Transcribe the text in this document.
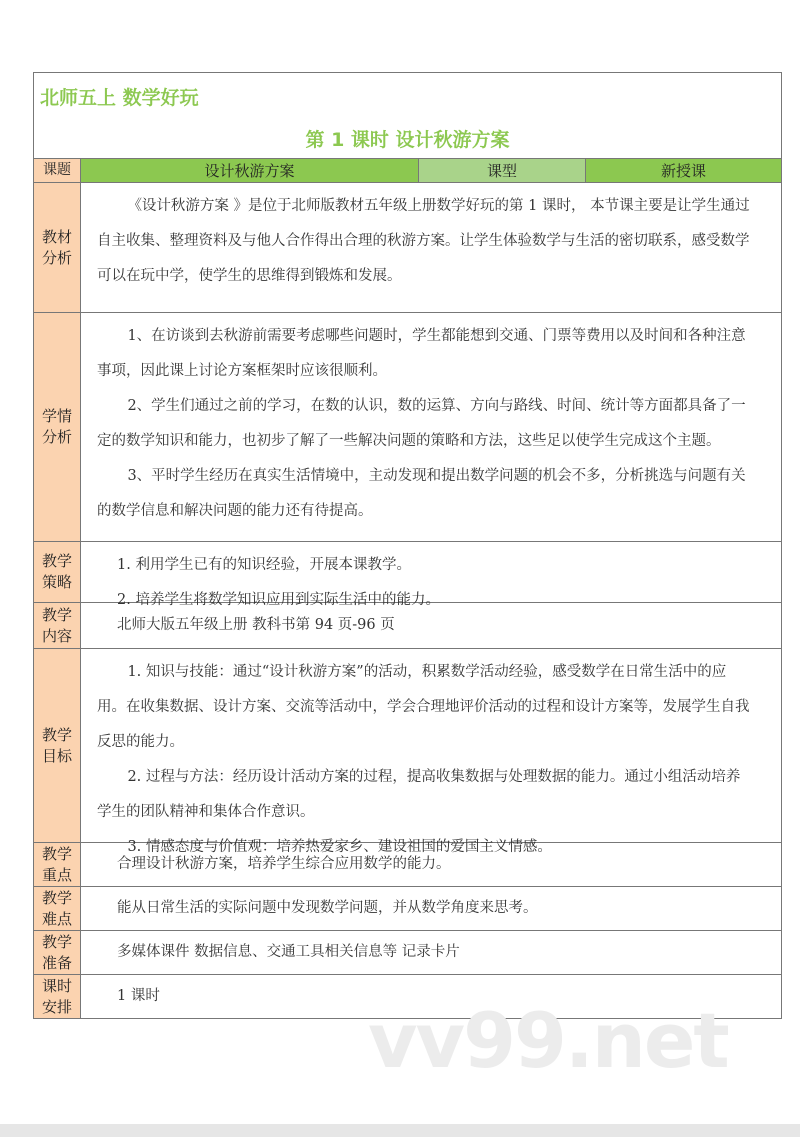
北师五上 数学好玩
第 1 课时 设计秋游方案
课题	设计秋游方案	课型	新授课
教材分析

《设计秋游方案 》是位于北师版教材五年级上册数学好玩的第 1 课时， 本节课主要是让学生通过自主收集、整理资料及与他人合作得出合理的秋游方案。让学生体验数学与生活的密切联系，感受数学可以在玩中学，使学生的思维得到锻炼和发展。

学情分析

1、在访谈到去秋游前需要考虑哪些问题时，学生都能想到交通、门票等费用以及时间和各种注意事项，因此课上讨论方案框架时应该很顺利。

2、学生们通过之前的学习，在数的认识，数的运算、方向与路线、时间、统计等方面都具备了一定的数学知识和能力，也初步了解了一些解决问题的策略和方法，这些足以使学生完成这个主题。

3、平时学生经历在真实生活情境中，主动发现和提出数学问题的机会不多，分析挑选与问题有关的数学信息和解决问题的能力还有待提高。

教学策略

1. 利用学生已有的知识经验，开展本课教学。

2. 培养学生将数学知识应用到实际生活中的能力。

教学内容

北师大版五年级上册 教科书第 94 页-96 页

教学目标

1. 知识与技能：通过“设计秋游方案”的活动，积累数学活动经验，感受数学在日常生活中的应用。在收集数据、设计方案、交流等活动中，学会合理地评价活动的过程和设计方案等，发展学生自我反思的能力。

2. 过程与方法：经历设计活动方案的过程，提高收集数据与处理数据的能力。通过小组活动培养学生的团队精神和集体合作意识。

3. 情感态度与价值观：培养热爱家乡、建设祖国的爱国主义情感。

教学重点

合理设计秋游方案，培养学生综合应用数学的能力。

教学难点

能从日常生活的实际问题中发现数学问题，并从数学角度来思考。

教学准备

多媒体课件 数据信息、交通工具相关信息等 记录卡片

课时安排

1 课时	vv99.net
